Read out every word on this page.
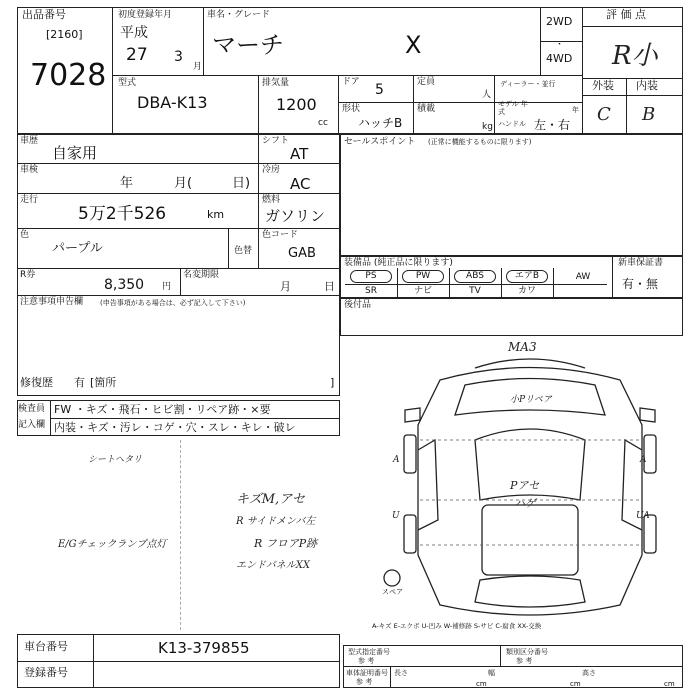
出品番号
[2160]
7028
初度登録年月
平成
27 3
月
車名・グレード
マーチ	X
2WD
・
4WD
評 価 点
R小
型式
DBA-K13
排気量
1200
cc
ドア 5	定員
人
形状
ハッチB
積載
kg
ディーラー・並行
モデル 年式	年
ハンドル 左・右
外装 内装
C B
車歴
自家用
シフト
AT
車検
年	月(	日)
冷房
AC
走行
5万2千526	km
燃料
ガソリン
色
パープル	色替
色コード
GAB
R券
8,350 円
名変期限
月	日
注意事項申告欄 (申告事項がある場合は、必ず記入して下さい)
修復歴 有 [箇所	]
セールスポイント (正常に機能するものに限ります)
装備品 (純正品に限ります)	新車保証書
有・無
PS	PW	ABS	エアB	AW
SR	ナビ	TV	カワ
後付品
検査員
記入欄
FW ・キズ・飛石・ヒビ割・リペア跡・×要
内装・キズ・汚レ・コゲ・穴・スレ・キレ・破レ
シートヘタリ
E/Gチェックランプ点灯
キズM,アセ
R サイドメンバ左
R フロアP跡
エンドパネルXX
MA3
小Pリペア
Pアセ
ハゲ
A
U
A
UA
スペア
A-キズ E-エクボ U-凹み W-補修跡 S-サビ C-腐食 XX-交換
車台番号	K13-379855
登録番号
型式指定番号
参 考
類別区分番号
参 考
車体証明番号
参 考
長さ
cm
幅
cm
高さ
cm
